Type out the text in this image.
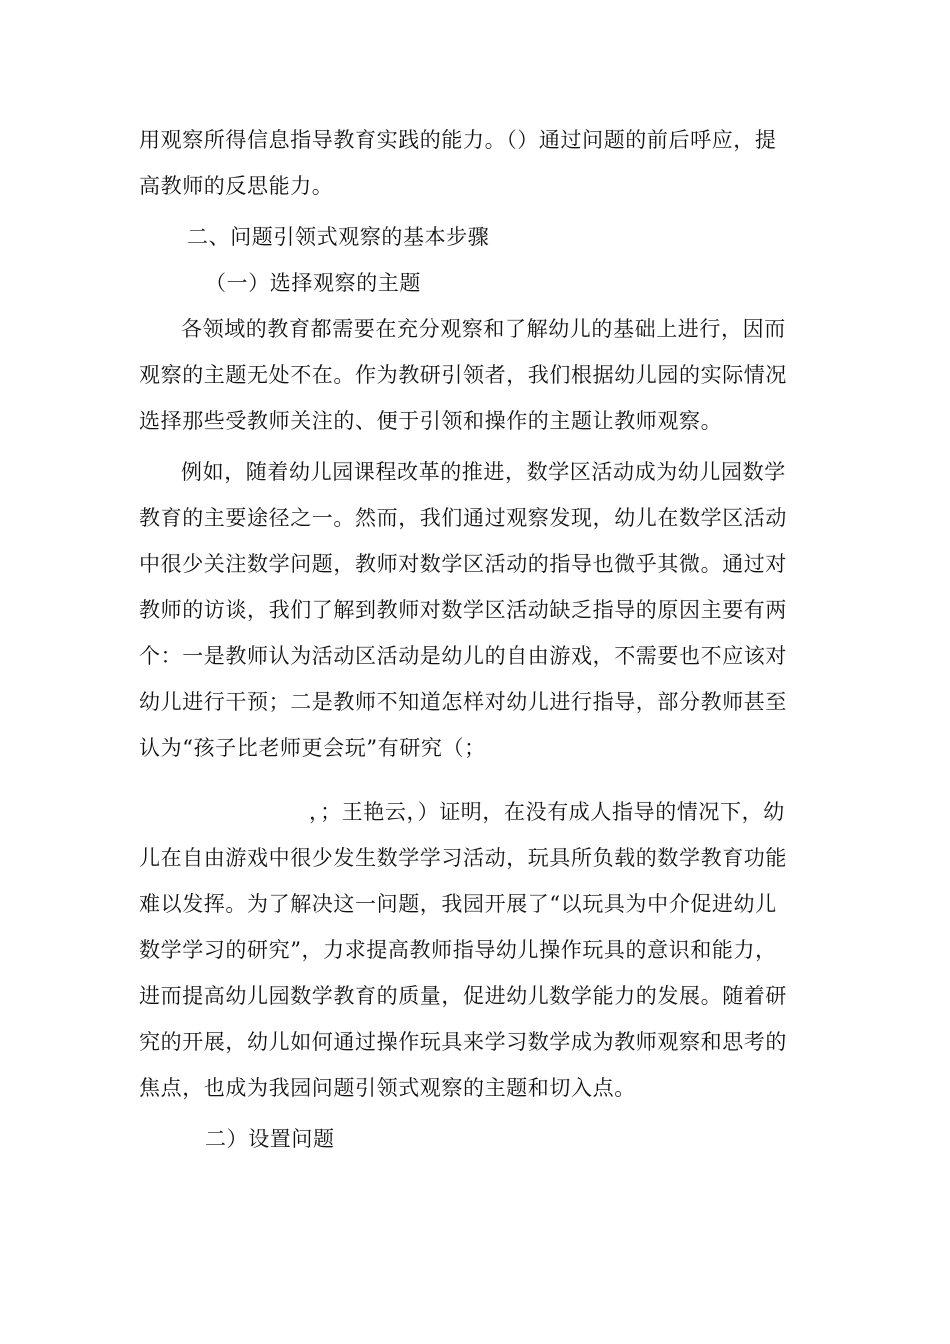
用观察所得信息指导教育实践的能力。（）通过问题的前后呼应，提
高教师的反思能力。
二、问题引领式观察的基本步骤
（一）选择观察的主题
各领域的教育都需要在充分观察和了解幼儿的基础上进行，因而
观察的主题无处不在。作为教研引领者，我们根据幼儿园的实际情况
选择那些受教师关注的、便于引领和操作的主题让教师观察。
例如，随着幼儿园课程改革的推进，数学区活动成为幼儿园数学
教育的主要途径之一。然而，我们通过观察发现，幼儿在数学区活动
中很少关注数学问题，教师对数学区活动的指导也微乎其微。通过对
教师的访谈，我们了解到教师对数学区活动缺乏指导的原因主要有两
个：一是教师认为活动区活动是幼儿的自由游戏，不需要也不应该对
幼儿进行干预；二是教师不知道怎样对幼儿进行指导，部分教师甚至
认为“孩子比老师更会玩”有研究（；
，；王艳云，）证明，在没有成人指导的情况下，幼
儿在自由游戏中很少发生数学学习活动，玩具所负载的数学教育功能
难以发挥。为了解决这一问题，我园开展了“以玩具为中介促进幼儿
数学学习的研究”，力求提高教师指导幼儿操作玩具的意识和能力，
进而提高幼儿园数学教育的质量，促进幼儿数学能力的发展。随着研
究的开展，幼儿如何通过操作玩具来学习数学成为教师观察和思考的
焦点，也成为我园问题引领式观察的主题和切入点。
二）设置问题
